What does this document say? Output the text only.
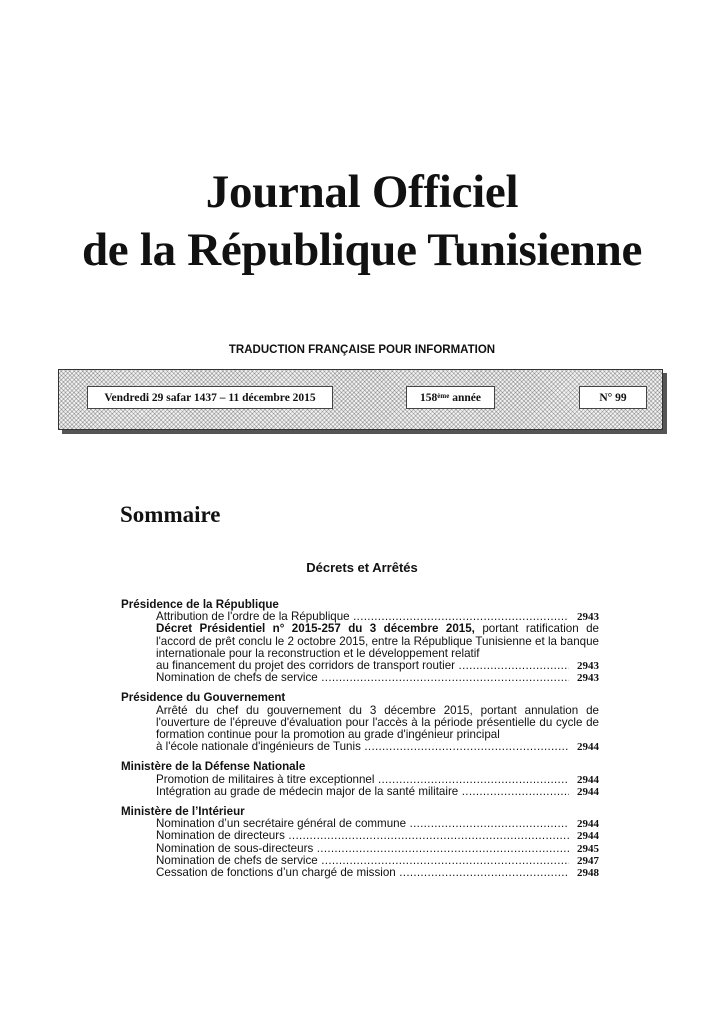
Journal Officiel
de la République Tunisienne
TRADUCTION FRANÇAISE POUR INFORMATION
Vendredi 29 safar 1437 – 11 décembre 2015	158ème
année	N° 99
Sommaire
Décrets et Arrêtés
Présidence de la République
Attribution de l'ordre de la République .....	2943
Décret Présidentiel n° 2015-257 du 3 décembre 2015, portant ratification de l'accord de prêt conclu le 2 octobre 2015, entre la République Tunisienne et la banque internationale pour la reconstruction et le développement relatif
au financement du projet des corridors de transport routier .....	2943
Nomination de chefs de service .....	2943
Présidence du Gouvernement
Arrêté du chef du gouvernement du 3 décembre 2015, portant annulation de l'ouverture de l'épreuve d'évaluation pour l'accès à la période présentielle du cycle de formation continue pour la promotion au grade d'ingénieur principal
à l'école nationale d'ingénieurs de Tunis .....	2944
Ministère de la Défense Nationale
Promotion de militaires à titre exceptionnel .....	2944
Intégration au grade de médecin major de la santé militaire .....	2944
Ministère de l’Intérieur
Nomination d’un secrétaire général de commune .....	2944
Nomination de directeurs .....	2944
Nomination de sous-directeurs .....	2945
Nomination de chefs de service .....	2947
Cessation de fonctions d’un chargé de mission .....	2948
